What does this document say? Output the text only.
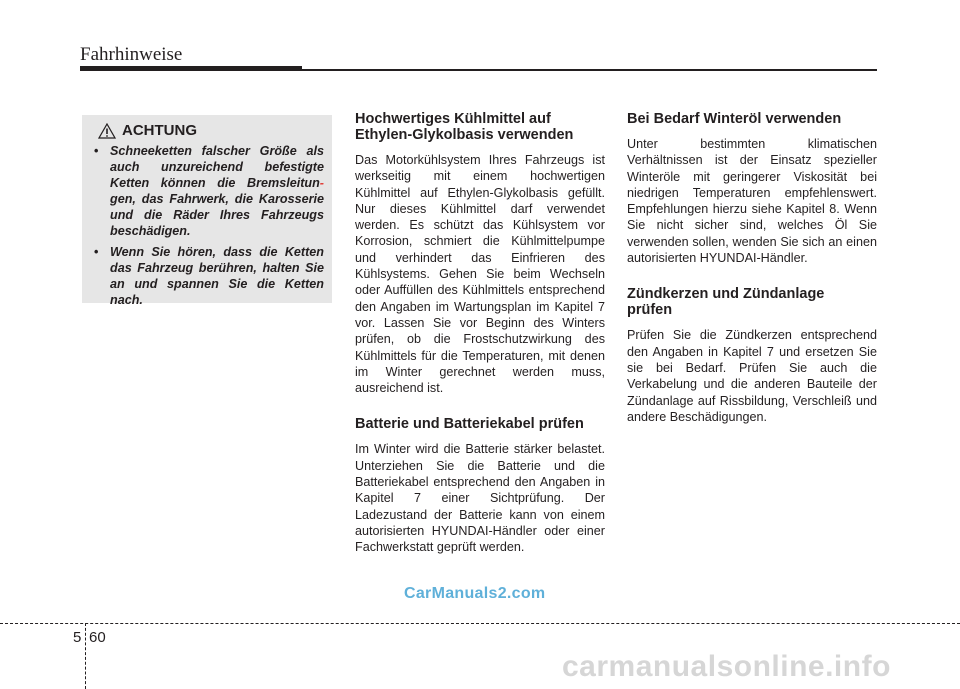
Fahrhinweise
ACHTUNG
• Schneeketten falscher Größe als auch unzureichend befestigte Ketten können die Bremsleitun- gen, das Fahrwerk, die Karosserie und die Räder Ihres Fahrzeugs beschädigen.
• Wenn Sie hören, dass die Ketten das Fahrzeug berühren, halten Sie an und spannen Sie die Ketten nach.
Hochwertiges Kühlmittel auf
Ethylen-Glykolbasis verwenden

Das Motorkühlsystem Ihres Fahrzeugs ist werkseitig mit einem hochwertigen Kühlmittel auf Ethylen-Glykolbasis gefüllt. Nur dieses Kühlmittel darf verwendet werden. Es schützt das Kühlsystem vor Korrosion, schmiert die Kühlmittelpumpe und verhindert das Einfrieren des Kühlsystems. Gehen Sie beim Wechseln oder Auffüllen des Kühlmittels entsprechend den Angaben im Wartungsplan im Kapitel 7 vor. Lassen Sie vor Beginn des Winters prüfen, ob die Frostschutzwirkung des Kühlmittels für die Temperaturen, mit denen im Winter gerechnet werden muss, ausreichend ist.

Batterie und Batteriekabel prüfen

Im Winter wird die Batterie stärker belastet. Unterziehen Sie die Batterie und die Batteriekabel entsprechend den Angaben in Kapitel 7 einer Sichtprüfung. Der Ladezustand der Batterie kann von einem autorisierten HYUNDAI-Händler oder einer Fachwerkstatt geprüft werden.

Bei Bedarf Winteröl verwenden

Unter bestimmten klimatischen Verhältnissen ist der Einsatz spezieller Winteröle mit geringerer Viskosität bei niedrigen Temperaturen empfehlenswert. Empfehlungen hierzu siehe Kapitel 8. Wenn Sie nicht sicher sind, welches Öl Sie verwenden sollen, wenden Sie sich an einen autorisierten HYUNDAI-Händler.

Zündkerzen und Zündanlage
prüfen

Prüfen Sie die Zündkerzen entsprechend den Angaben in Kapitel 7 und ersetzen Sie sie bei Bedarf. Prüfen Sie auch die Verkabelung und die anderen Bauteile der Zündanlage auf Rissbildung, Verschleiß und andere Beschädigungen.

CarManuals2.com
5 60
carmanualsonline.info
